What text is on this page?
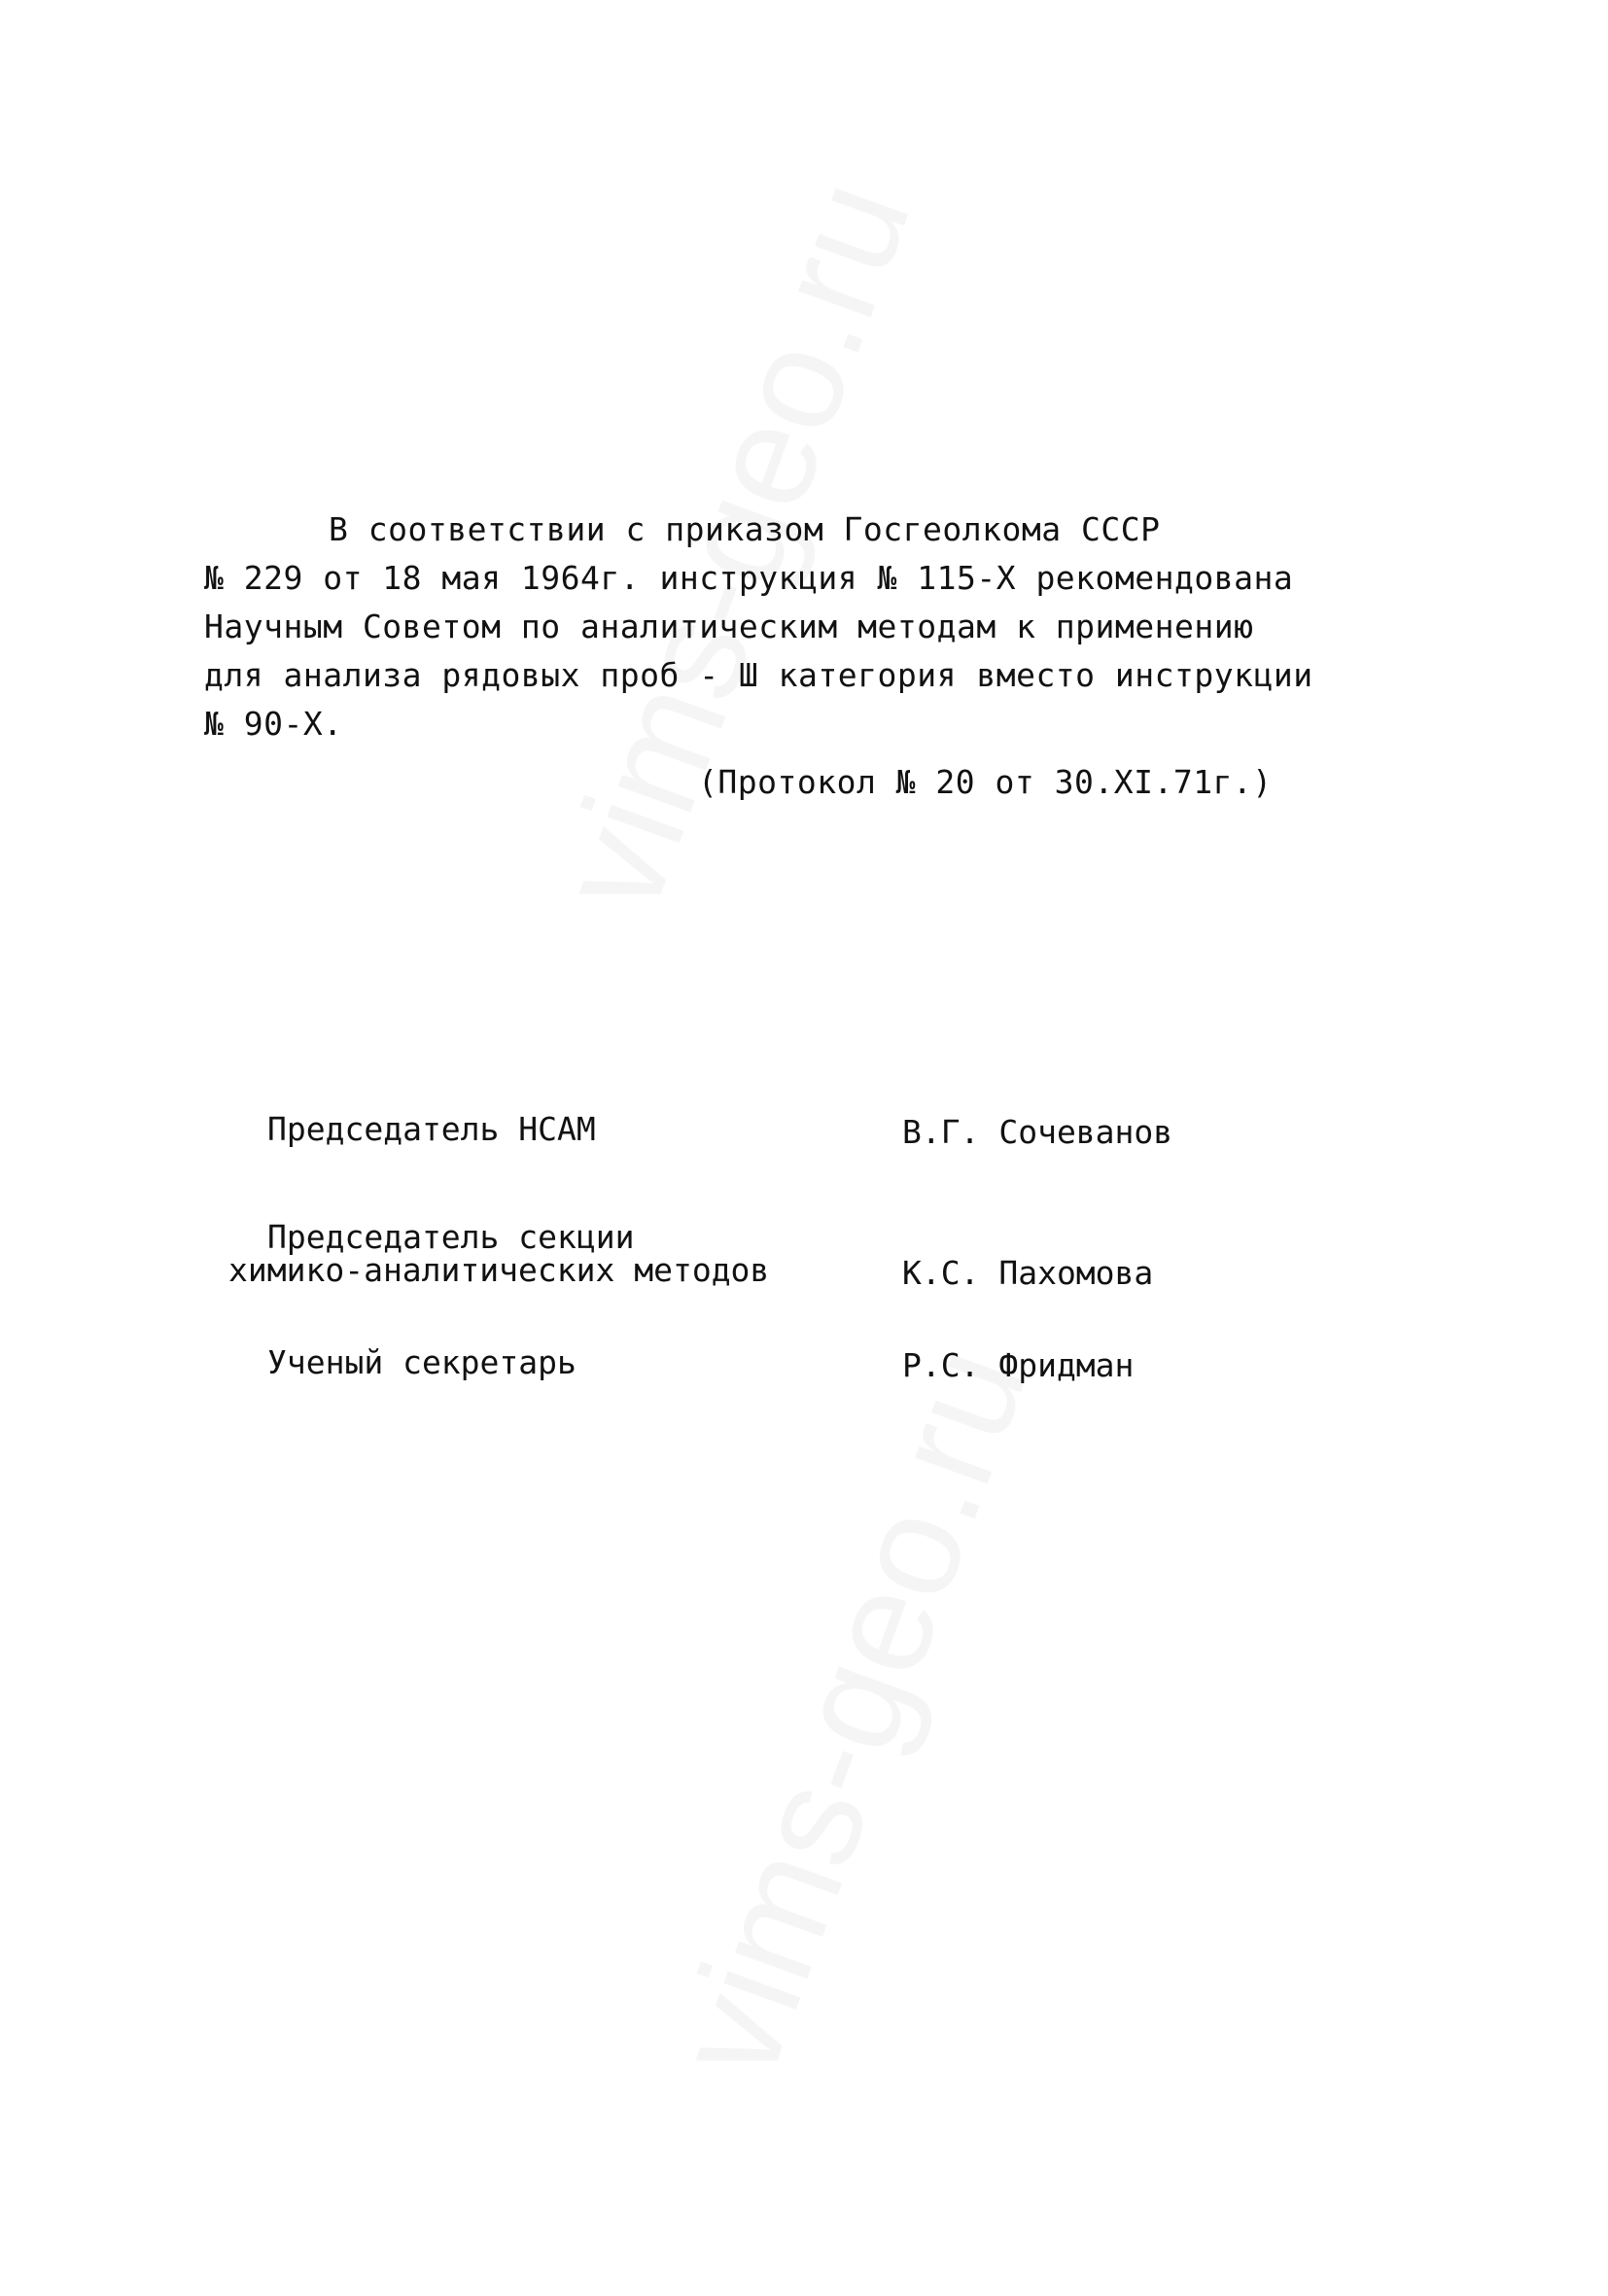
В соответствии с приказом Госгеолкома СССР
№ 229 от 18 мая 1964г. инструкция № 115-Х рекомендована
Научным Советом по аналитическим методам к применению
для анализа рядовых проб - Ш категория вместо инструкции
№ 90-Х.
(Протокол № 20 от 30.XI.71г.)
Председатель НСАМ	В.Г. Сочеванов
Председатель секции
химико-аналитических методов	К.С. Пахомова
Ученый секретарь	Р.С. Фридман
